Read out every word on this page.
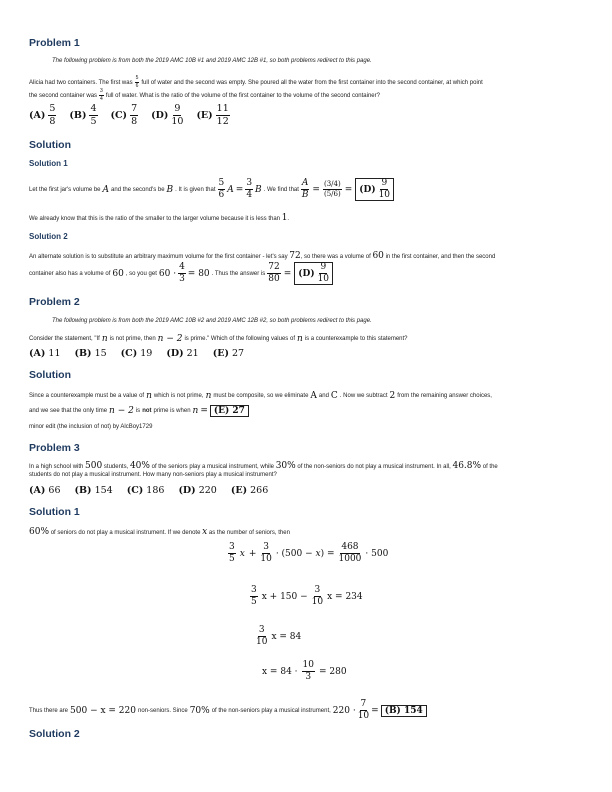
Problem 1
The following problem is from both the 2019 AMC 10B #1 and 2019 AMC 12B #1, so both problems redirect to this page.
Alicia had two containers. The first was $\frac{5}{6}$ full of water and the second was empty. She poured all the water from the first container into the second container, at which point
the second container was $\frac{3}{4}$ full of water. What is the ratio of the volume of the first container to the volume of the second container?
$(A) \frac{5}{8} (B) \frac{4}{5} (C) \frac{7}{8} (D) \frac{9}{10} (E) \frac{11}{12}$
Solution
Solution 1
Let the first jar's volume be A and the second's be B . It is given that $\frac{5}{6}$ $A = \frac{3}{4}$ B . We find that $\frac{A}{B} = \frac{(3/4)}{(5/6)} = (D) \frac{9}{10}$
We already know that this is the ratio of the smaller to the larger volume because it is less than 1.
Solution 2
An alternate solution is to substitute an arbitrary maximum volume for the first container - let's say 72, so there was a volume of 60 in the first container, and then the second
container also has a volume of 60 , so you get $60 \cdot \frac{4}{3} = 80$ . Thus the answer is $\frac{72}{80} = (D) \frac{9}{10}$
Problem 2
The following problem is from both the 2019 AMC 10B #2 and 2019 AMC 12B #2, so both problems redirect to this page.
Consider the statement, "If n is not prime, then n − 2 is prime." Which of the following values of n is a counterexample to this statement?
(A) 11 (B) 15 (C) 19 (D) 21 (E) 27
Solution
Since a counterexample must be a value of n which is not prime, n must be composite, so we eliminate A and C . Now we subtract 2 from the remaining answer choices,
and we see that the only time n − 2 is not prime is when n = (E) 27
minor edit (the inclusion of not) by AlcBoy1729
Problem 3
In a high school with 500 students, 40% of the seniors play a musical instrument, while 30% of the non-seniors do not play a musical instrument. In all, 46.8% of the
students do not play a musical instrument. How many non-seniors play a musical instrument?
(A) 66 (B) 154 (C) 186 (D) 220 (E) 266
Solution 1
60% of seniors do not play a musical instrument. If we denote x as the number of seniors, then
$\frac{3}{5}$ $x + \frac{3}{10} \cdot (500 - x) = \frac{468}{1000} \cdot 500$
$\frac{3}{5}$ $x + 150 - \frac{3}{10}$ x = 234
$\frac{3}{10}$ x = 84
$x = 84 \cdot \frac{10}{3} = 280$
Thus there are 500 − x = 220 non-seniors. Since 70% of the non-seniors play a musical instrument, $220 \cdot \frac{7}{10} = (B)$ 154
Solution 2
